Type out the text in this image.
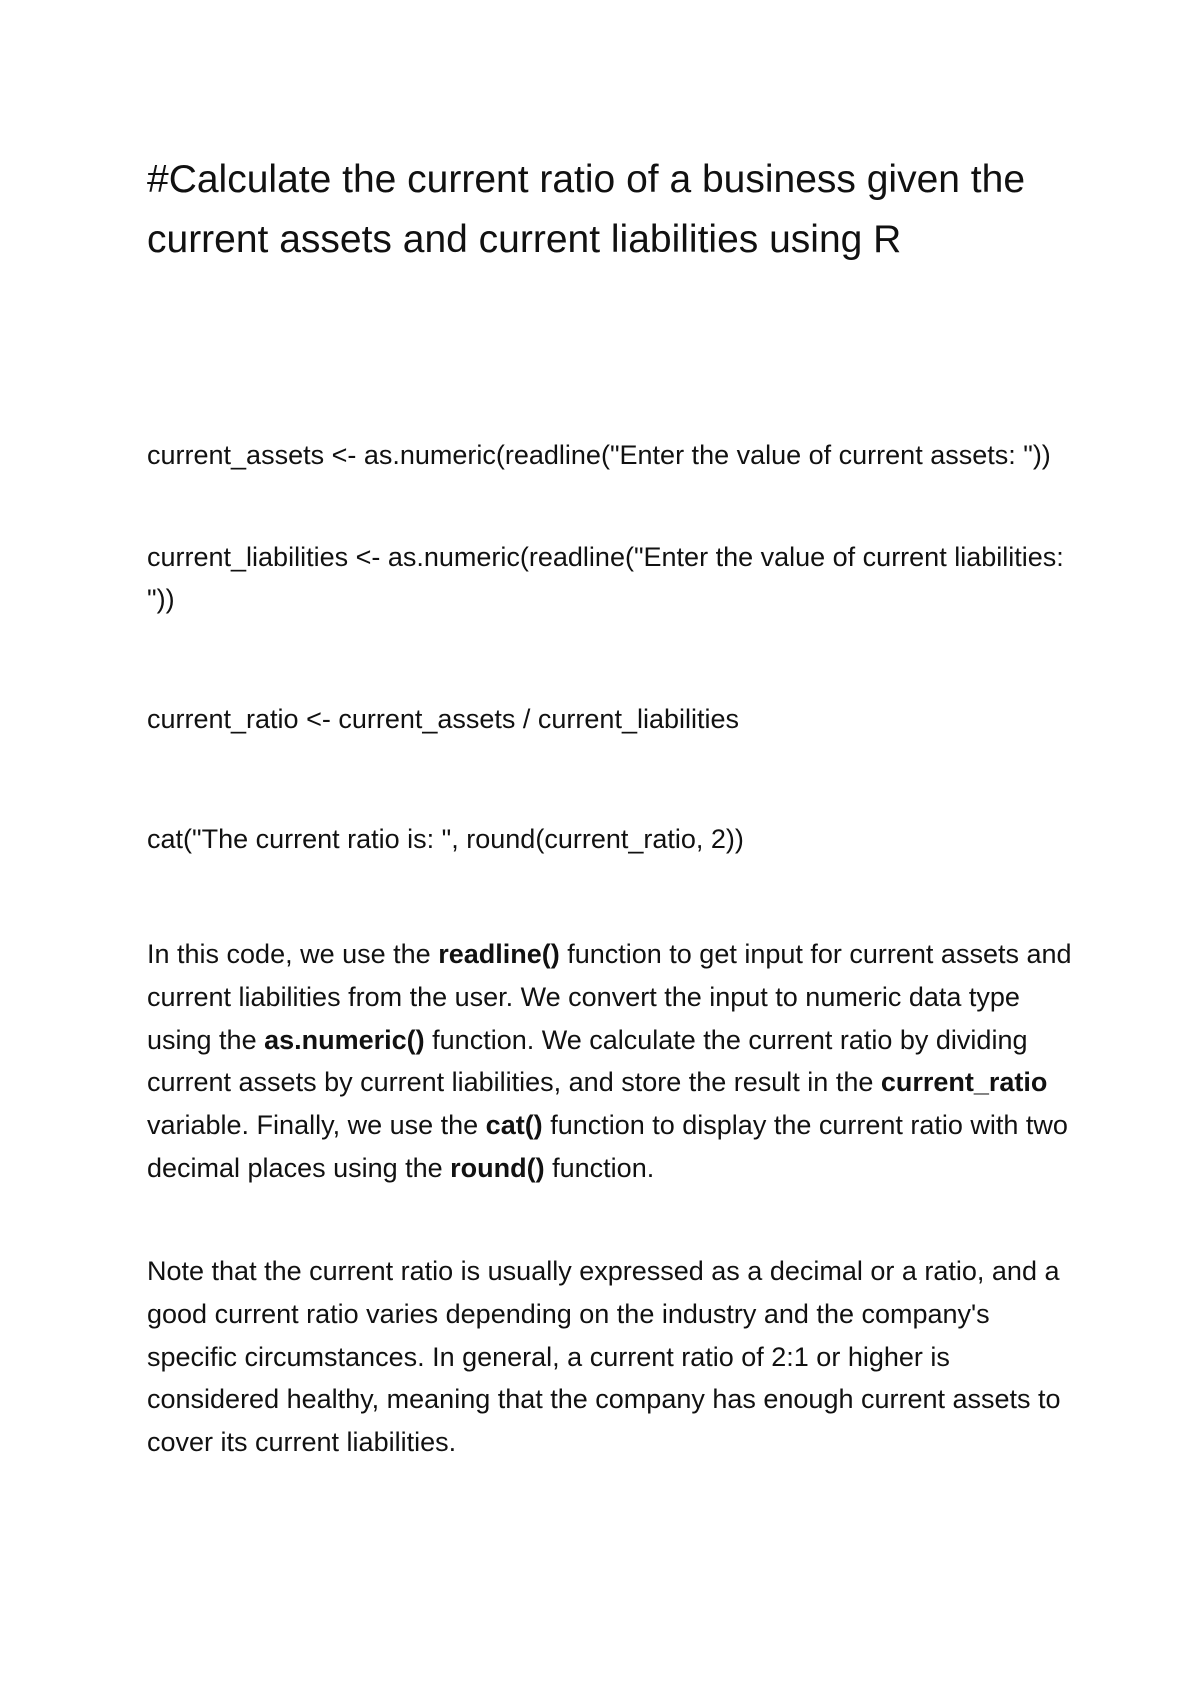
#Calculate the current ratio of a business given the current assets and current liabilities using R

current_assets <- as.numeric(readline("Enter the value of current assets: "))

current_liabilities <- as.numeric(readline("Enter the value of current liabilities: "))

current_ratio <- current_assets / current_liabilities

cat("The current ratio is: ", round(current_ratio, 2))

In this code, we use the readline() function to get input for current assets and current liabilities from the user. We convert the input to numeric data type using the as.numeric() function. We calculate the current ratio by dividing current assets by current liabilities, and store the result in the current_ratio variable. Finally, we use the cat() function to display the current ratio with two decimal places using the round() function.

Note that the current ratio is usually expressed as a decimal or a ratio, and a good current ratio varies depending on the industry and the company's specific circumstances. In general, a current ratio of 2:1 or higher is considered healthy, meaning that the company has enough current assets to cover its current liabilities.
